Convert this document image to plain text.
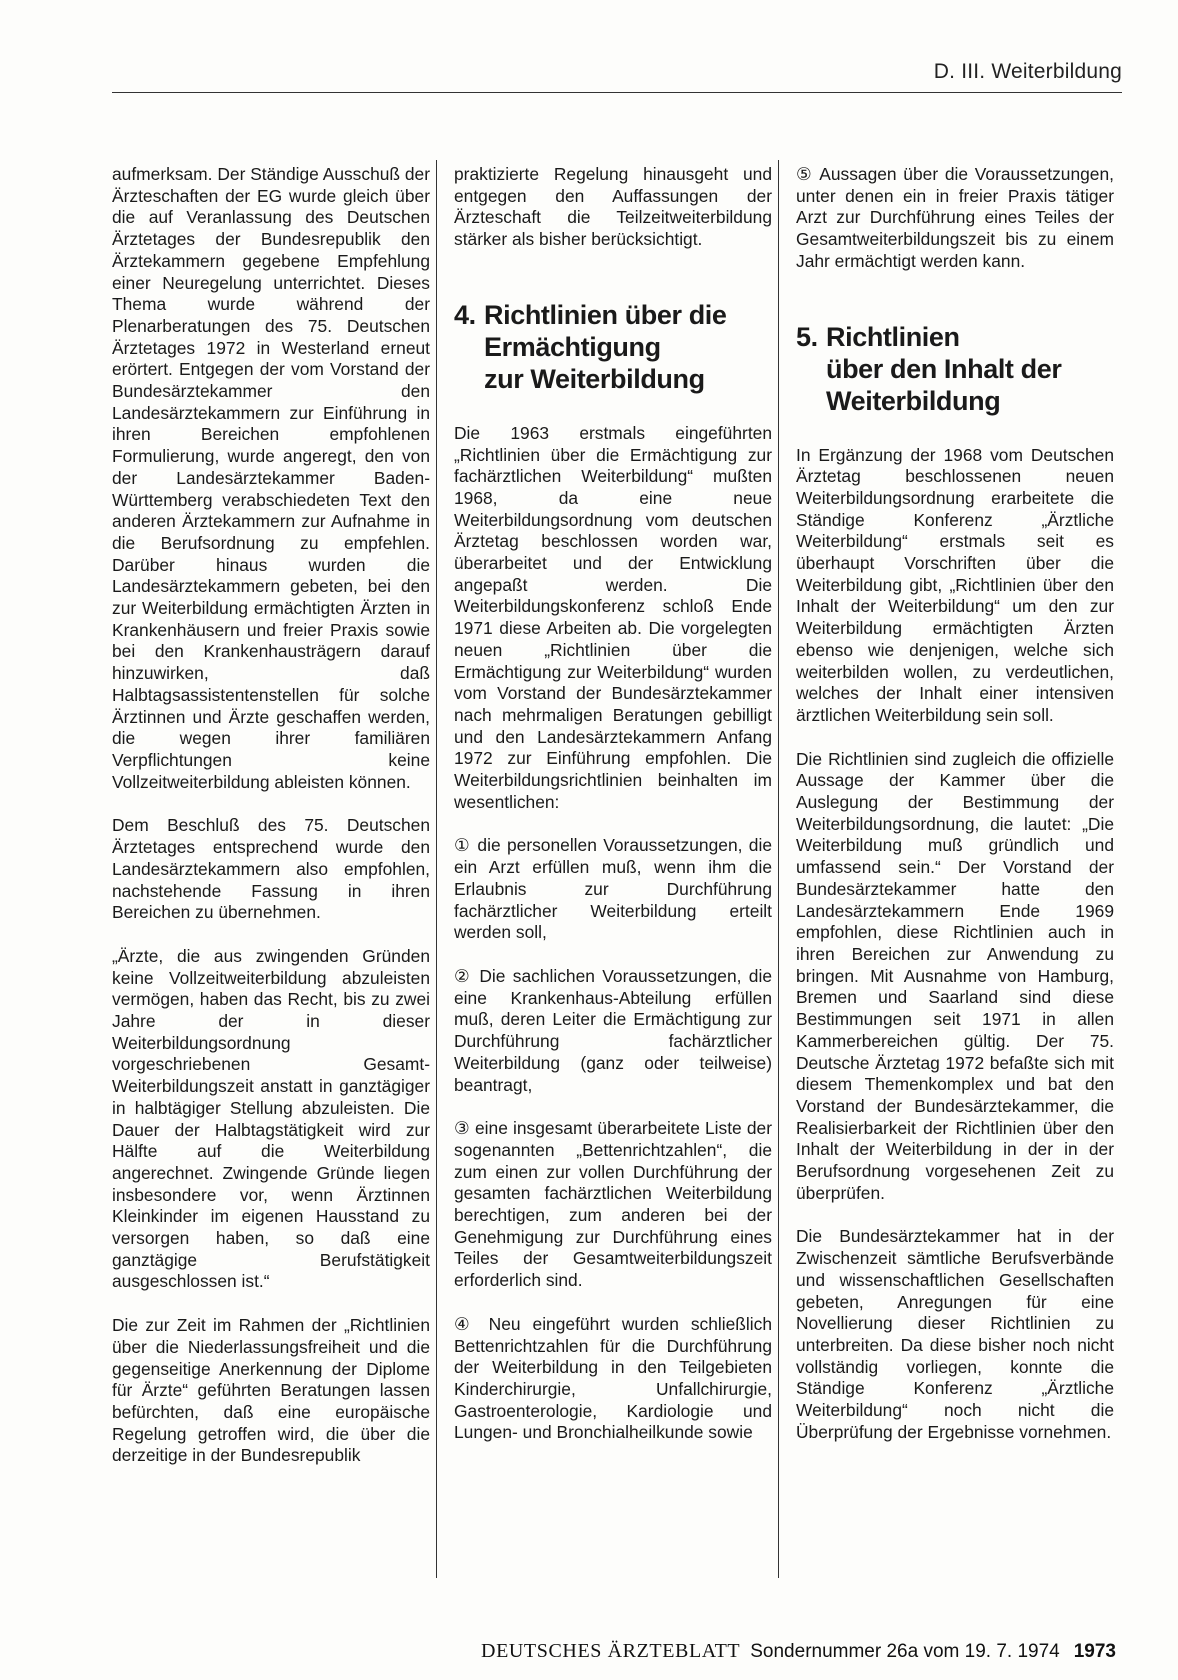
D. III. Weiterbildung

aufmerksam. Der Ständige Ausschuß der Ärzteschaften der EG wurde gleich über die auf Veranlassung des Deutschen Ärztetages der Bundesrepublik den Ärztekammern gegebene Empfehlung einer Neuregelung unterrichtet. Dieses Thema wurde während der Plenarberatungen des 75. Deutschen Ärztetages 1972 in Westerland erneut erörtert. Entgegen der vom Vorstand der Bundesärztekammer den Landesärztekammern zur Einführung in ihren Bereichen empfohlenen Formulierung, wurde angeregt, den von der Landesärztekammer Baden-Württemberg verabschiedeten Text den anderen Ärztekammern zur Aufnahme in die Berufsordnung zu empfehlen. Darüber hinaus wurden die Landesärztekammern gebeten, bei den zur Weiterbildung ermächtigten Ärzten in Krankenhäusern und freier Praxis sowie bei den Krankenhausträgern darauf hinzuwirken, daß Halbtagsassistentenstellen für solche Ärztinnen und Ärzte geschaffen werden, die wegen ihrer familiären Verpflichtungen keine Vollzeitweiterbildung ableisten können.

Dem Beschluß des 75. Deutschen Ärztetages entsprechend wurde den Landesärztekammern also empfohlen, nachstehende Fassung in ihren Bereichen zu übernehmen.

„Ärzte, die aus zwingenden Gründen keine Vollzeitweiterbildung abzuleisten vermögen, haben das Recht, bis zu zwei Jahre der in dieser Weiterbildungsordnung vorgeschriebenen Gesamt-Weiterbildungszeit anstatt in ganztägiger in halbtägiger Stellung abzuleisten. Die Dauer der Halbtagstätigkeit wird zur Hälfte auf die Weiterbildung angerechnet. Zwingende Gründe liegen insbesondere vor, wenn Ärztinnen Kleinkinder im eigenen Hausstand zu versorgen haben, so daß eine ganztägige Berufstätigkeit ausgeschlossen ist.“

Die zur Zeit im Rahmen der „Richtlinien über die Niederlassungsfreiheit und die gegenseitige Anerkennung der Diplome für Ärzte“ geführten Beratungen lassen befürchten, daß eine europäische Regelung getroffen wird, die über die derzeitige in der Bundesrepublik

praktizierte Regelung hinausgeht und entgegen den Auffassungen der Ärzteschaft die Teilzeitweiterbildung stärker als bisher berücksichtigt.

4. Richtlinien über die
Ermächtigung
zur Weiterbildung

Die 1963 erstmals eingeführten „Richtlinien über die Ermächtigung zur fachärztlichen Weiterbildung“ mußten 1968, da eine neue Weiterbildungsordnung vom deutschen Ärztetag beschlossen worden war, überarbeitet und der Entwicklung angepaßt werden. Die Weiterbildungskonferenz schloß Ende 1971 diese Arbeiten ab. Die vorgelegten neuen „Richtlinien über die Ermächtigung zur Weiterbildung“ wurden vom Vorstand der Bundesärztekammer nach mehrmaligen Beratungen gebilligt und den Landesärztekammern Anfang 1972 zur Einführung empfohlen. Die Weiterbildungsrichtlinien beinhalten im wesentlichen:

① die personellen Voraussetzungen, die ein Arzt erfüllen muß, wenn ihm die Erlaubnis zur Durchführung fachärztlicher Weiterbildung erteilt werden soll,

② Die sachlichen Voraussetzungen, die eine Krankenhaus-Abteilung erfüllen muß, deren Leiter die Ermächtigung zur Durchführung fachärztlicher Weiterbildung (ganz oder teilweise) beantragt,

③ eine insgesamt überarbeitete Liste der sogenannten „Bettenrichtzahlen“, die zum einen zur vollen Durchführung der gesamten fachärztlichen Weiterbildung berechtigen, zum anderen bei der Genehmigung zur Durchführung eines Teiles der Gesamtweiterbildungszeit erforderlich sind.

④ Neu eingeführt wurden schließlich Bettenrichtzahlen für die Durchführung der Weiterbildung in den Teilgebieten Kinderchirurgie, Unfallchirurgie, Gastroenterologie, Kardiologie und Lungen- und Bronchialheilkunde sowie

⑤ Aussagen über die Voraussetzungen, unter denen ein in freier Praxis tätiger Arzt zur Durchführung eines Teiles der Gesamtweiterbildungszeit bis zu einem Jahr ermächtigt werden kann.

5. Richtlinien
über den Inhalt der
Weiterbildung

In Ergänzung der 1968 vom Deutschen Ärztetag beschlossenen neuen Weiterbildungsordnung erarbeitete die Ständige Konferenz „Ärztliche Weiterbildung“ erstmals seit es überhaupt Vorschriften über die Weiterbildung gibt, „Richtlinien über den Inhalt der Weiterbildung“ um den zur Weiterbildung ermächtigten Ärzten ebenso wie denjenigen, welche sich weiterbilden wollen, zu verdeutlichen, welches der Inhalt einer intensiven ärztlichen Weiterbildung sein soll.

Die Richtlinien sind zugleich die offizielle Aussage der Kammer über die Auslegung der Bestimmung der Weiterbildungsordnung, die lautet: „Die Weiterbildung muß gründlich und umfassend sein.“ Der Vorstand der Bundesärztekammer hatte den Landesärztekammern Ende 1969 empfohlen, diese Richtlinien auch in ihren Bereichen zur Anwendung zu bringen. Mit Ausnahme von Hamburg, Bremen und Saarland sind diese Bestimmungen seit 1971 in allen Kammerbereichen gültig. Der 75. Deutsche Ärztetag 1972 befaßte sich mit diesem Themenkomplex und bat den Vorstand der Bundesärztekammer, die Realisierbarkeit der Richtlinien über den Inhalt der Weiterbildung in der in der Berufsordnung vorgesehenen Zeit zu überprüfen.

Die Bundesärztekammer hat in der Zwischenzeit sämtliche Berufsverbände und wissenschaftlichen Gesellschaften gebeten, Anregungen für eine Novellierung dieser Richtlinien zu unterbreiten. Da diese bisher noch nicht vollständig vorliegen, konnte die Ständige Konferenz „Ärztliche Weiterbildung“ noch nicht die Überprüfung der Ergebnisse vornehmen.

DEUTSCHES ÄRZTEBLATT Sondernummer 26a vom 19. 7. 1974 1973
